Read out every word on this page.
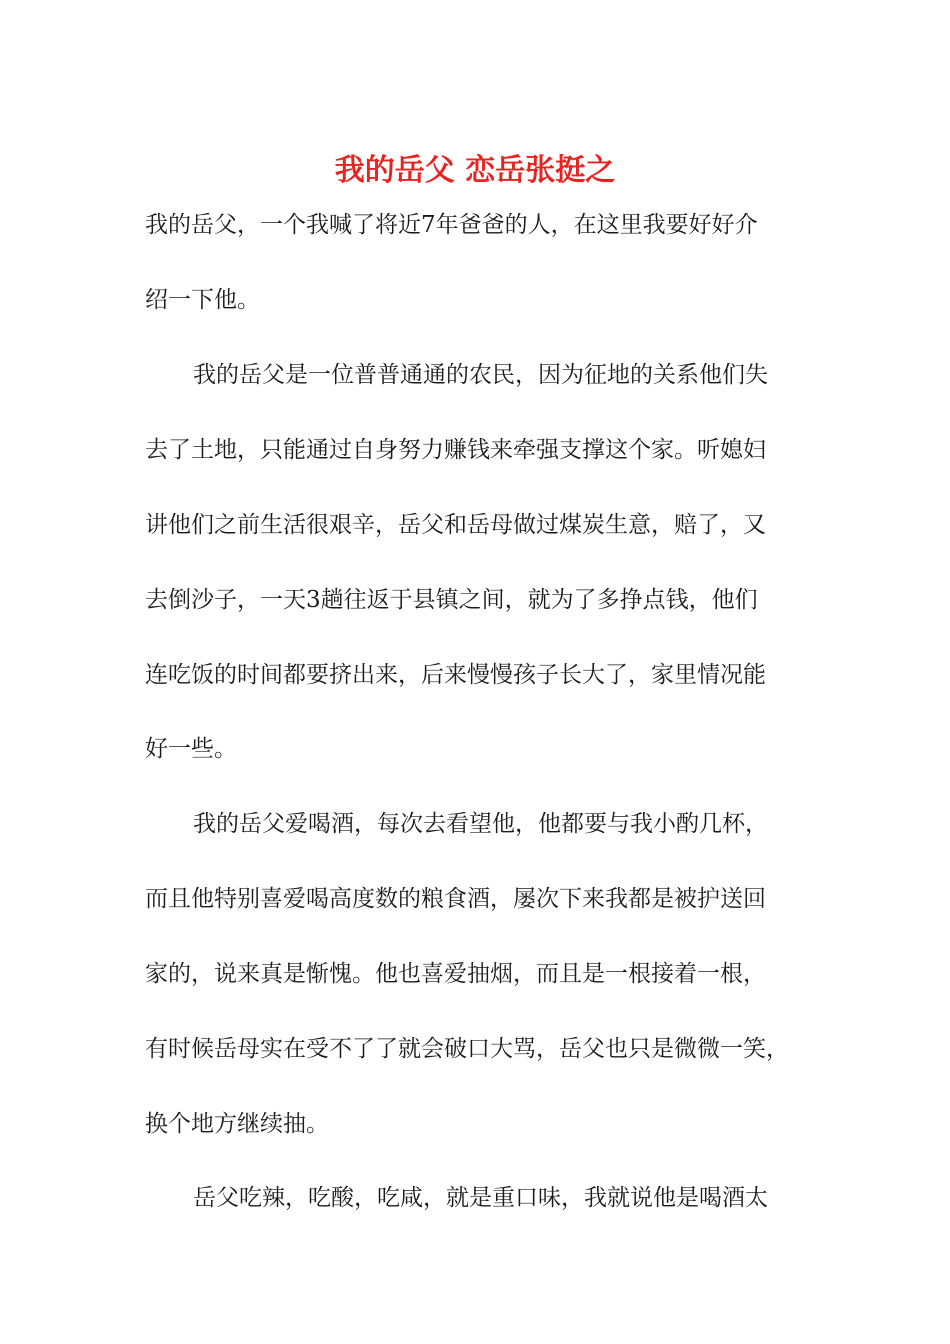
我的岳父 恋岳张挺之
我的岳父，一个我喊了将近7年爸爸的人，在这里我要好好介
绍一下他。
我的岳父是一位普普通通的农民，因为征地的关系他们失
去了土地，只能通过自身努力赚钱来牵强支撑这个家。听媳妇
讲他们之前生活很艰辛，岳父和岳母做过煤炭生意，赔了，又
去倒沙子，一天3趟往返于县镇之间，就为了多挣点钱，他们
连吃饭的时间都要挤出来，后来慢慢孩子长大了，家里情况能
好一些。
我的岳父爱喝酒，每次去看望他，他都要与我小酌几杯，
而且他特别喜爱喝高度数的粮食酒，屡次下来我都是被护送回
家的，说来真是惭愧。他也喜爱抽烟，而且是一根接着一根，
有时候岳母实在受不了了就会破口大骂，岳父也只是微微一笑，
换个地方继续抽。
岳父吃辣，吃酸，吃咸，就是重口味，我就说他是喝酒太
